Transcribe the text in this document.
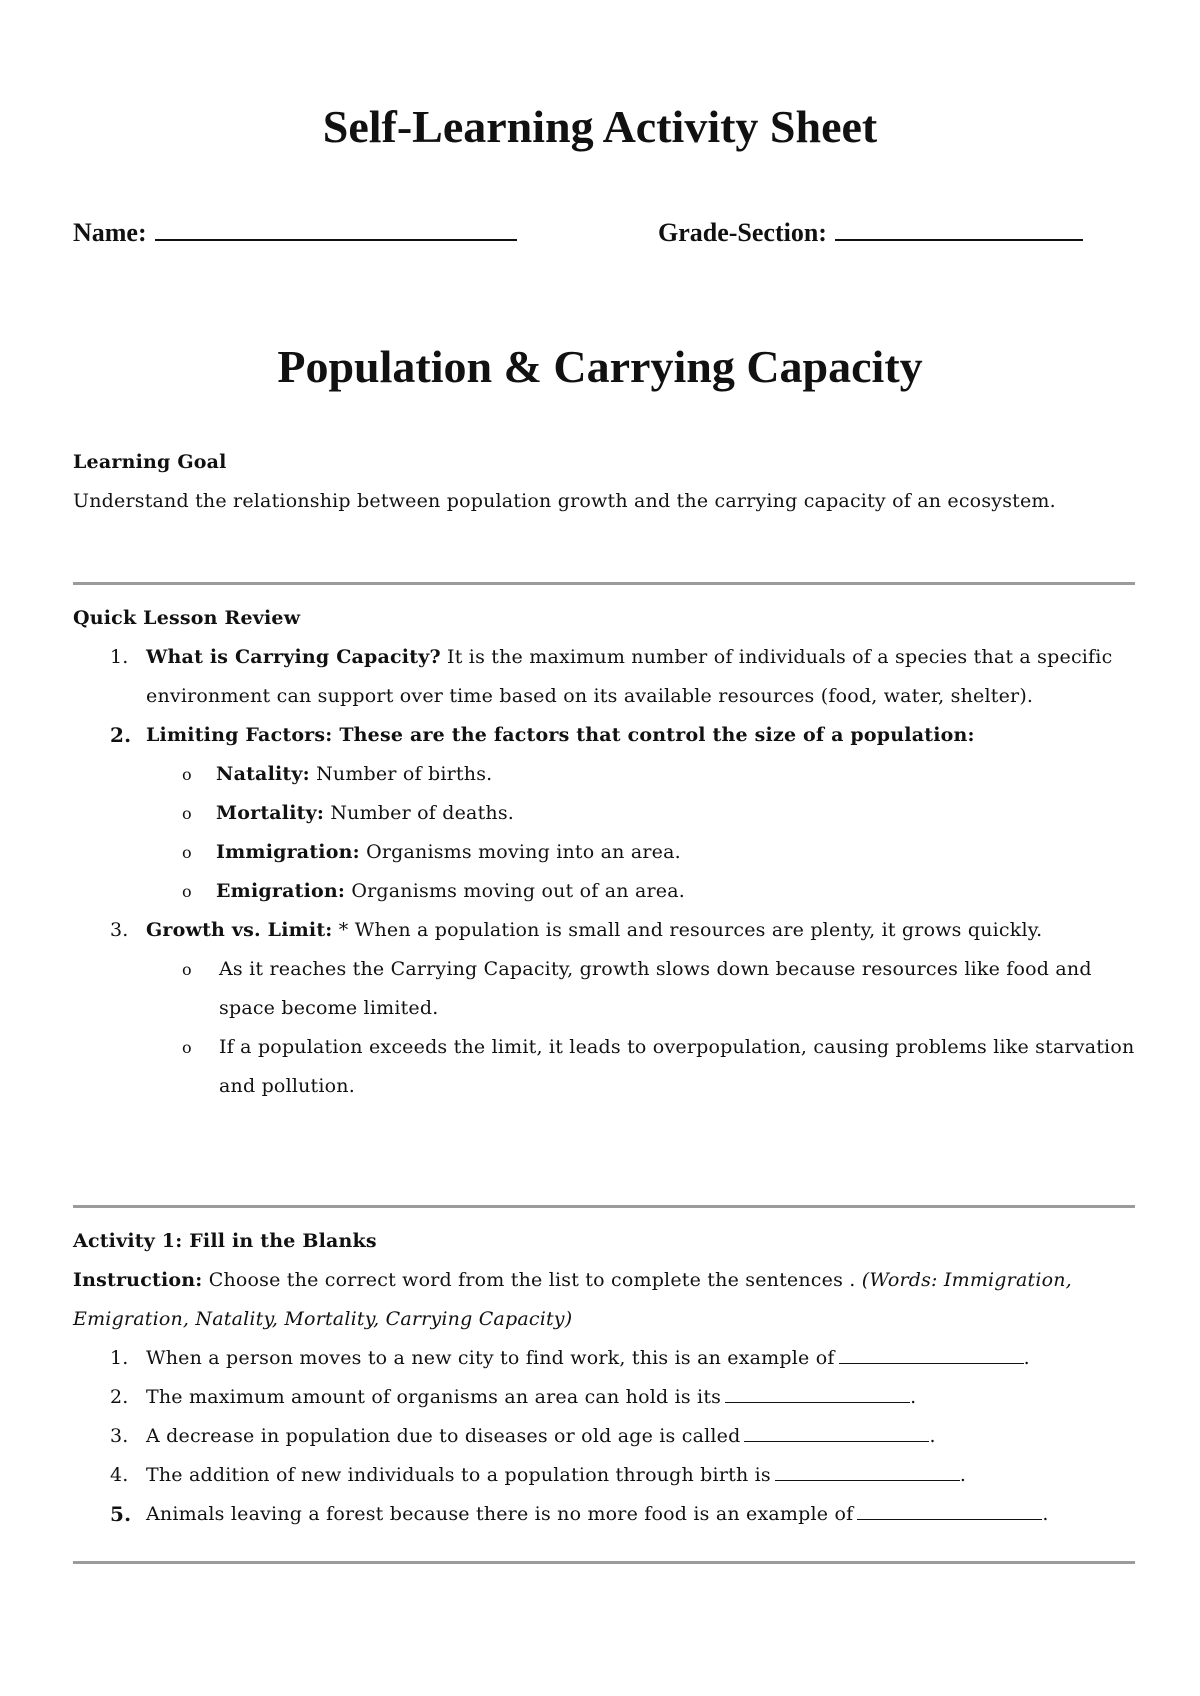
Self-Learning Activity Sheet
Name:	Grade-Section:
Population & Carrying Capacity

Learning Goal

Understand the relationship between population growth and the carrying capacity of an ecosystem.

Quick Lesson Review

1. What is Carrying Capacity? It is the maximum number of individuals of a species that a specific environment can support over time based on its available resources (food, water, shelter).
2. Limiting Factors: These are the factors that control the size of a population:
o Natality: Number of births.
o Mortality: Number of deaths.
o Immigration: Organisms moving into an area.
o Emigration: Organisms moving out of an area.
3. Growth vs. Limit: * When a population is small and resources are plenty, it grows quickly.
o As it reaches the Carrying Capacity, growth slows down because resources like food and space become limited.
o If a population exceeds the limit, it leads to overpopulation, causing problems like starvation and pollution.

Activity 1: Fill in the Blanks

Instruction: Choose the correct word from the list to complete the sentences . (Words: Immigration, Emigration, Natality, Mortality, Carrying Capacity)

1. When a person moves to a new city to find work, this is an example of	.
2. The maximum amount of organisms an area can hold is its	.
3. A decrease in population due to diseases or old age is called	.
4. The addition of new individuals to a population through birth is	.
5. Animals leaving a forest because there is no more food is an example of	.
